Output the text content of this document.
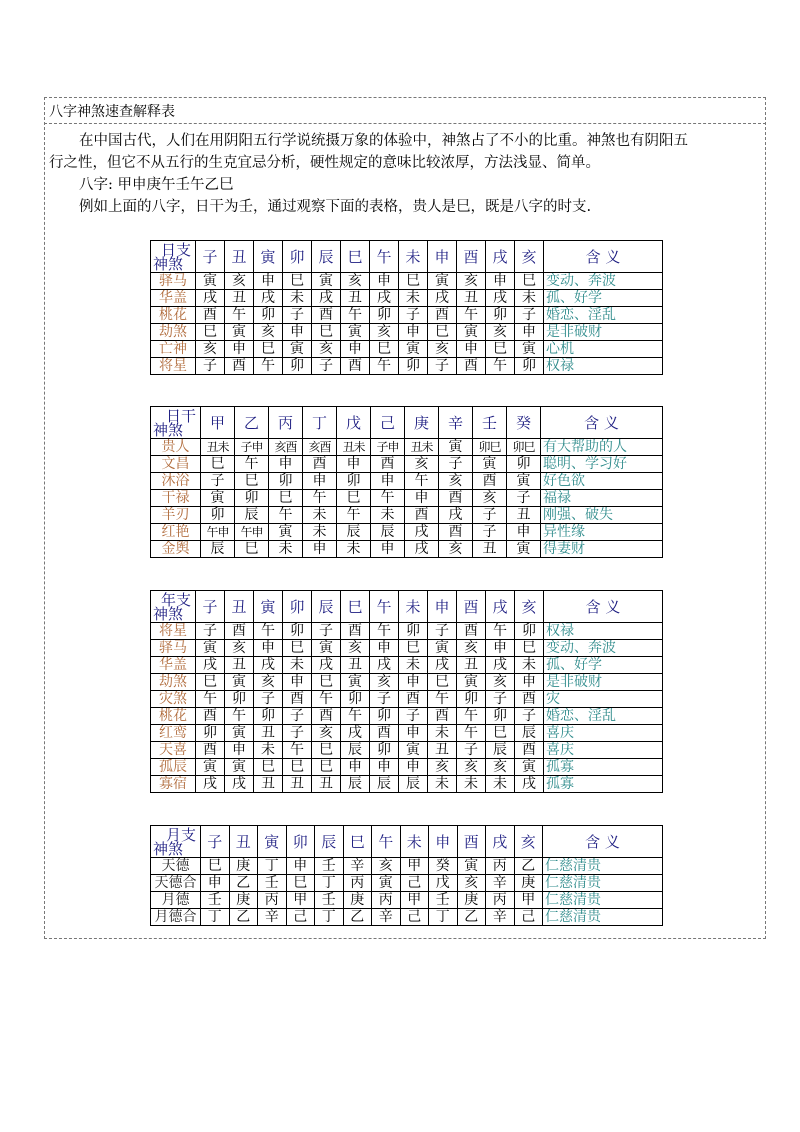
八字神煞速查解释表
在中国古代，人们在用阴阳五行学说统摄万象的体验中，神煞占了不小的比重。神煞也有阴阳五
行之性，但它不从五行的生克宜忌分析，硬性规定的意味比较浓厚，方法浅显、简单。
八字: 甲申庚午壬午乙巳
例如上面的八字，日干为壬，通过观察下面的表格，贵人是巳，既是八字的时支.
日支
神煞	子	丑	寅	卯	辰	巳	午	未	申	酉	戌	亥	含 义
驿马	寅	亥	申	巳	寅	亥	申	巳	寅	亥	申	巳	变动、奔波
华盖	戌	丑	戌	未	戌	丑	戌	未	戌	丑	戌	未	孤、好学
桃花	酉	午	卯	子	酉	午	卯	子	酉	午	卯	子	婚恋、淫乱
劫煞	巳	寅	亥	申	巳	寅	亥	申	巳	寅	亥	申	是非破财
亡神	亥	申	巳	寅	亥	申	巳	寅	亥	申	巳	寅	心机
将星	子	酉	午	卯	子	酉	午	卯	子	酉	午	卯	权禄
日干
神煞	甲	乙	丙	丁	戊	己	庚	辛	壬	癸	含 义
贵人	丑未	子申	亥酉	亥酉	丑未	子申	丑未	寅	卯巳	卯巳	有大帮助的人
文昌	巳	午	申	酉	申	酉	亥	子	寅	卯	聪明、学习好
沐浴	子	巳	卯	申	卯	申	午	亥	酉	寅	好色欲
干禄	寅	卯	巳	午	巳	午	申	酉	亥	子	福禄
羊刃	卯	辰	午	未	午	未	酉	戌	子	丑	刚强、破失
红艳	午申	午申	寅	未	辰	辰	戌	酉	子	申	异性缘
金舆	辰	巳	未	申	未	申	戌	亥	丑	寅	得妻财
年支
神煞	子	丑	寅	卯	辰	巳	午	未	申	酉	戌	亥	含 义
将星	子	酉	午	卯	子	酉	午	卯	子	酉	午	卯	权禄
驿马	寅	亥	申	巳	寅	亥	申	巳	寅	亥	申	巳	变动、奔波
华盖	戌	丑	戌	未	戌	丑	戌	未	戌	丑	戌	未	孤、好学
劫煞	巳	寅	亥	申	巳	寅	亥	申	巳	寅	亥	申	是非破财
灾煞	午	卯	子	酉	午	卯	子	酉	午	卯	子	酉	灾
桃花	酉	午	卯	子	酉	午	卯	子	酉	午	卯	子	婚恋、淫乱
红鸾	卯	寅	丑	子	亥	戌	酉	申	未	午	巳	辰	喜庆
天喜	酉	申	未	午	巳	辰	卯	寅	丑	子	辰	酉	喜庆
孤辰	寅	寅	巳	巳	巳	申	申	申	亥	亥	亥	寅	孤寡
寡宿	戌	戌	丑	丑	丑	辰	辰	辰	未	未	未	戌	孤寡
月支
神煞	子	丑	寅	卯	辰	巳	午	未	申	酉	戌	亥	含 义
天德	巳	庚	丁	申	壬	辛	亥	甲	癸	寅	丙	乙	仁慈清贵
天德合	申	乙	壬	巳	丁	丙	寅	己	戊	亥	辛	庚	仁慈清贵
月德	壬	庚	丙	甲	壬	庚	丙	甲	壬	庚	丙	甲	仁慈清贵
月德合	丁	乙	辛	己	丁	乙	辛	己	丁	乙	辛	己	仁慈清贵
